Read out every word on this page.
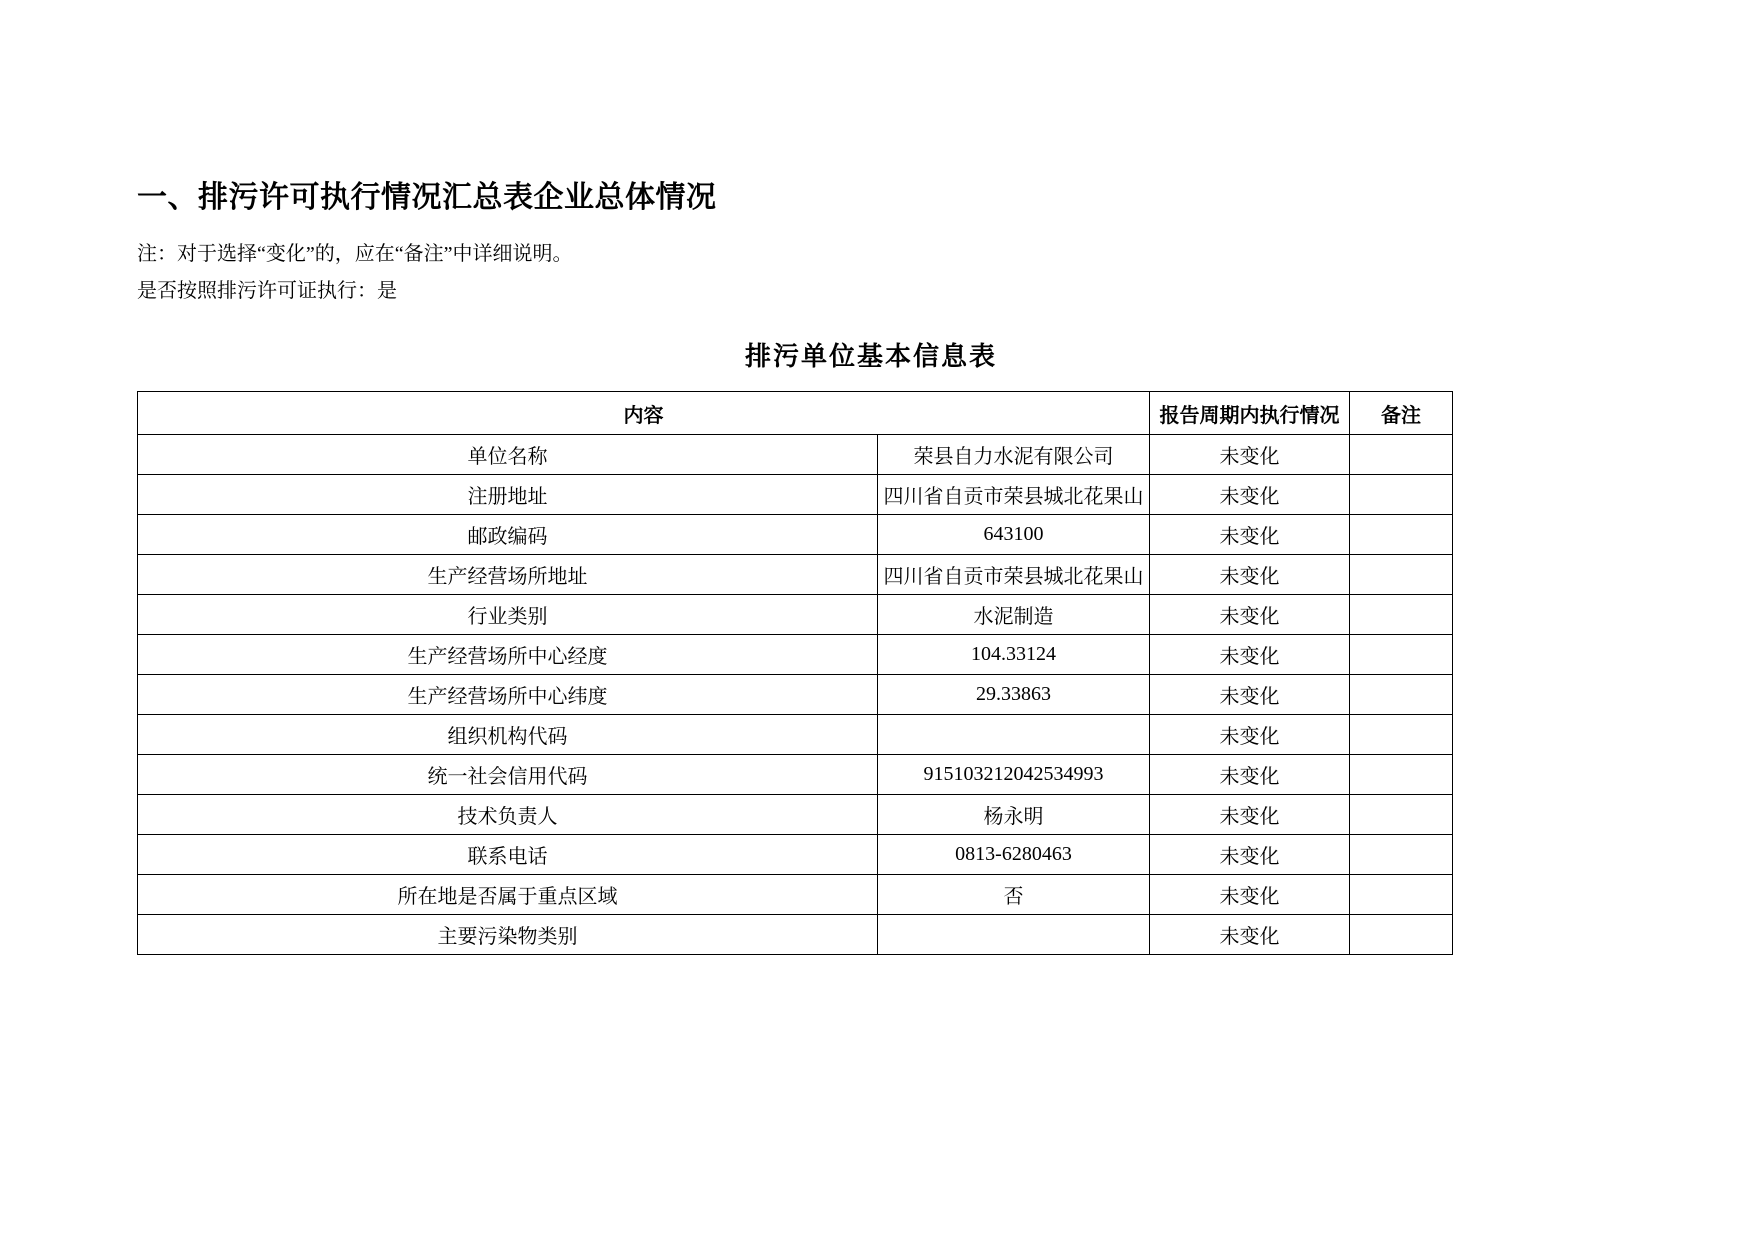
一、排污许可执行情况汇总表企业总体情况
注：对于选择“变化”的，应在“备注”中详细说明。
是否按照排污许可证执行：是
排污单位基本信息表
内容		报告周期内执行情况	备注
单位名称	荣县自力水泥有限公司	未变化	
注册地址	四川省自贡市荣县城北花果山	未变化	
邮政编码	643100	未变化	
生产经营场所地址	四川省自贡市荣县城北花果山	未变化	
行业类别	水泥制造	未变化	
生产经营场所中心经度	104.33124	未变化	
生产经营场所中心纬度	29.33863	未变化	
组织机构代码		未变化	
统一社会信用代码	915103212042534993	未变化	
技术负责人	杨永明	未变化	
联系电话	0813-6280463	未变化	
所在地是否属于重点区域	否	未变化	
主要污染物类别		未变化	
